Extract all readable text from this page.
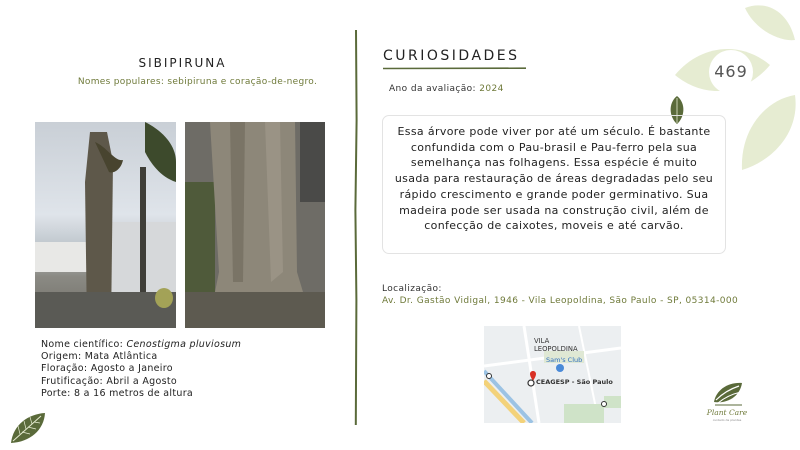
469
SIBIPIRUNA
Nomes populares: sebipiruna e coração-de-negro.
Nome científico: Cenostigma pluviosum
Origem: Mata Atlântica
Floração: Agosto a Janeiro
Frutificação: Abril a Agosto
Porte: 8 a 16 metros de altura
CURIOSIDADES
Ano da avaliação: 2024
Essa árvore pode viver por até um século. É bastante confundida com o Pau-brasil e Pau-ferro pela sua semelhança nas folhagens. Essa espécie é muito usada para restauração de áreas degradadas pelo seu rápido crescimento e grande poder germinativo. Sua madeira pode ser usada na construção civil, além de confecção de caixotes, moveis e até carvão.
Localização:
Av. Dr. Gastão Vidigal, 1946 - Vila Leopoldina, São Paulo - SP, 05314-000
VILA
LEOPOLDINA
Sam's Club
CEAGESP - São Paulo
Plant Care
cuidado de plantas
